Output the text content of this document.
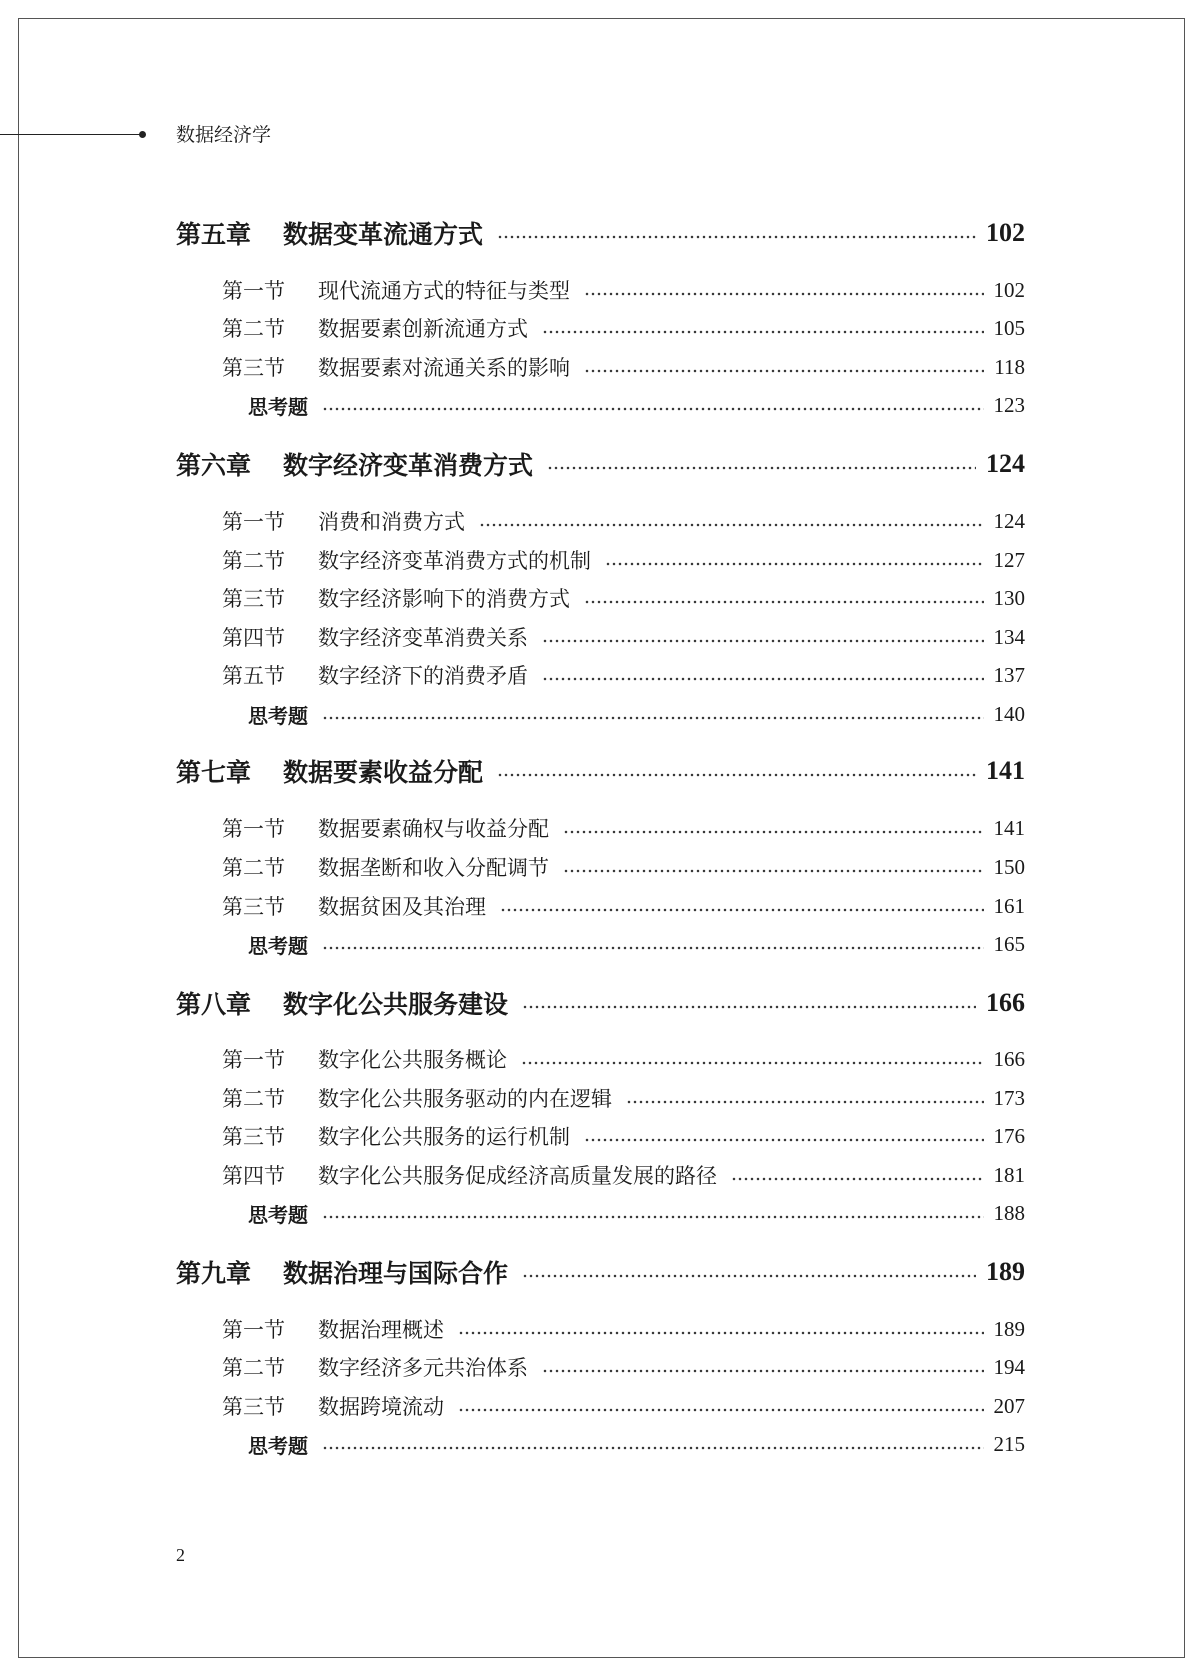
数据经济学
第五章	数据变革流通方式	102
第一节	现代流通方式的特征与类型	102
第二节	数据要素创新流通方式	105
第三节	数据要素对流通关系的影响	118
思考题	123
第六章	数字经济变革消费方式	124
第一节	消费和消费方式	124
第二节	数字经济变革消费方式的机制	127
第三节	数字经济影响下的消费方式	130
第四节	数字经济变革消费关系	134
第五节	数字经济下的消费矛盾	137
思考题	140
第七章	数据要素收益分配	141
第一节	数据要素确权与收益分配	141
第二节	数据垄断和收入分配调节	150
第三节	数据贫困及其治理	161
思考题	165
第八章	数字化公共服务建设	166
第一节	数字化公共服务概论	166
第二节	数字化公共服务驱动的内在逻辑	173
第三节	数字化公共服务的运行机制	176
第四节	数字化公共服务促成经济高质量发展的路径	181
思考题	188
第九章	数据治理与国际合作	189
第一节	数据治理概述	189
第二节	数字经济多元共治体系	194
第三节	数据跨境流动	207
思考题	215
2
